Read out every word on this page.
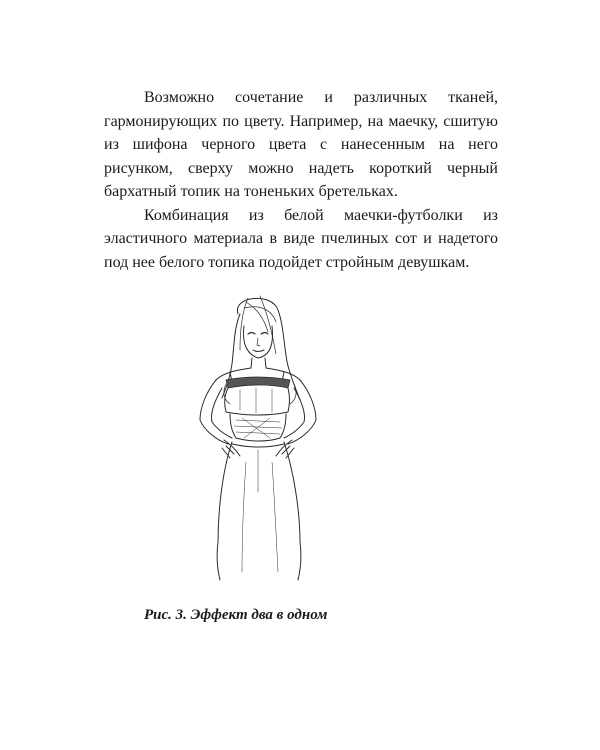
Возможно сочетание и различных тканей, гармонирующих по цвету. Например, на маечку, сшитую из шифона черного цвета с нанесенным на него рисунком, сверху можно надеть короткий черный бархатный топик на тоненьких бретельках.

Комбинация из белой маечки-футболки из эластичного материала в виде пчелиных сот и надетого под нее белого топика подойдет стройным девушкам.

Рис. 3. Эффект два в одном
